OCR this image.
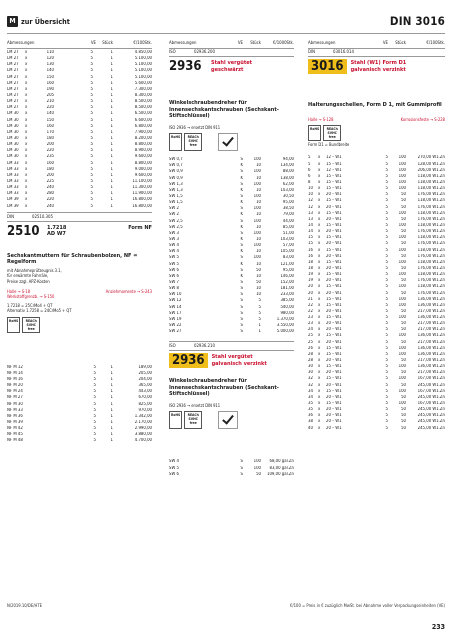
M zur Übersicht	DIN 3016
Abmessungen	VE	Stück	€/100Stk.
LM 27	x	110	5	1	4.850,00
LM 27	x	120	5	1	5.100,00
LM 27	x	130	5	1	5.100,00
LM 27	x	140	5	1	5.100,00
LM 27	x	150	5	1	5.100,00
LM 27	x	160	5	1	5.600,00
LM 27	x	190	5	1	7.300,00
LM 27	x	205	5	1	8.300,00
LM 27	x	210	5	1	8.500,00
LM 27	x	220	5	1	8.500,00
LM 30	x	140	5	1	6.500,00
LM 30	x	150	5	1	6.600,00
LM 30	x	160	5	1	6.800,00
LM 30	x	170	5	1	7.900,00
LM 30	x	180	5	1	8.200,00
LM 30	x	200	5	1	8.800,00
LM 30	x	220	5	1	8.900,00
LM 30	x	235	5	1	9.600,00
LM 33	x	160	5	1	8.800,00
LM 33	x	180	5	1	9.000,00
LM 33	x	200	5	1	9.600,00
LM 33	x	225	5	1	11.100,00
LM 33	x	240	5	1	11.300,00
LM 33	x	280	5	1	11.900,00
LM 39	x	220	5	1	16.800,00
LM 39	x	240	5	1	16.800,00
DIN	02510.305
2510	1.7218	Form NF
AD W7
Sechskantmuttern für Schraubenbolzen, NF = Regelform
mit Abnahmeprüfzeugnis 3.1,
für erwärmte Fahrräle,
Preise zzgl. APZ-Kosten
Halle → S-18	Anziehmomente → S-243
Werkstoffgrenzb. → S-150
1.7218 = 25CrMo4 + QT
Alternativ 1.7258 = 24CrMo5 + QT
RoHS	REACh SVHC free
NF M 12	5	1	189,00
NF M 14	5	1	205,00
NF M 16	5	1	204,00
NF M 20	5	1	365,00
NF M 24	5	1	443,00
NF M 27	5	1	670,00
NF M 30	5	1	825,00
NF M 33	5	1	970,00
NF M 36	5	1	1.342,00
NF M 39	5	1	2.170,00
NF M 42	5	1	2.990,00
NF M 45	5	1	3.880,00
NF M 48	5	1	4.700,00
Abmessungen	VE	Stück	€/1000Stk.
ISO	02936.200
2936	Stahl vergütet geschwärzt
Winkelschraubendreher für Innensechskantschrauben (Sechskant-Stiftschlüssel)
ISO 2936 → ersetzt DIN 911
RoHS	REACh SVHC free
SW 0,7	S	100	94,00
SW 0,7	K	10	134,00
SW 0,9	S	100	88,00
SW 0,9	K	10	138,00
SW 1,3	S	100	62,00
SW 1,3	K	10	103,00
SW 1,5	S	100	30,50
SW 1,5	K	10	95,00
SW 2	S	100	38,50
SW 2	K	10	79,00
SW 2,5	S	100	44,00
SW 2,5	K	10	85,00
SW 3	S	100	51,00
SW 3	K	10	103,00
SW 4	S	100	57,00
SW 4	K	10	105,00
SW 5	S	100	83,00
SW 5	K	10	121,00
SW 6	S	50	95,00
SW 6	K	10	146,00
SW 7	S	50	152,00
SW 8	S	10	181,00
SW 10	S	10	233,00
SW 12	S	5	385,00
SW 14	S	5	540,00
SW 17	S	5	980,00
SW 19	S	5	1.370,00
SW 22	S	1	3.550,00
SW 27	S	1	5.000,00
ISO	02936.210
2936	Stahl vergütet galvanisch verzinkt
Winkelschraubendreher für Innensechskantschrauben (Sechskant-Stiftschlüssel)
ISO 2936 → ersetzt DIN 911
RoHS	REACh SVHC free
SW 4	S	100	68,00 gal.Zn
SW 5	S	100	83,00 gal.Zn
SW 6	S	50	109,00 gal.Zn
Abmessungen	VE	Stück	€/100Stk.
DIN	03016.014
3016	Stahl (W1) Form D1 galvanisch verzinkt
Halterungsschellen, Form D 1, mit Gummiprofil
Halle → S-128	Korrosionsfeste → S-228
RoHS	REACh SVHC free
Form D1 = Bundbreite
5	x	12 – W1	5	100	270,00 W1.Zn
5	x	15 – W1	5	100	128,00 W1.Zn
6	x	12 – W1	5	100	206,00 W1.Zn
6	x	15 – W1	5	100	118,00 W1.Zn
8	x	15 – W1	5	100	118,00 W1.Zn
10	x	15 – W1	5	100	118,00 W1.Zn
10	x	20 – W1	5	50	176,00 W1.Zn
12	x	15 – W1	5	50	118,00 W1.Zn
12	x	20 – W1	5	50	176,00 W1.Zn
13	x	15 – W1	5	100	118,00 W1.Zn
13	x	20 – W1	5	50	176,00 W1.Zn
14	x	15 – W1	5	100	118,00 W1.Zn
14	x	20 – W1	5	50	176,00 W1.Zn
15	x	15 – W1	5	100	118,00 W1.Zn
15	x	20 – W1	5	50	176,00 W1.Zn
16	x	15 – W1	5	100	118,00 W1.Zn
16	x	20 – W1	5	50	176,00 W1.Zn
18	x	15 – W1	5	100	118,00 W1.Zn
18	x	20 – W1	5	50	176,00 W1.Zn
19	x	15 – W1	5	100	118,00 W1.Zn
19	x	20 – W1	5	50	176,00 W1.Zn
20	x	15 – W1	5	100	118,00 W1.Zn
20	x	20 – W1	5	50	176,00 W1.Zn
21	x	15 – W1	5	100	136,00 W1.Zn
22	x	15 – W1	5	100	136,00 W1.Zn
22	x	20 – W1	5	50	217,00 W1.Zn
23	x	15 – W1	5	100	136,00 W1.Zn
23	x	20 – W1	5	50	217,00 W1.Zn
24	x	20 – W1	5	50	217,00 W1.Zn
25	x	15 – W1	5	100	136,00 W1.Zn
25	x	20 – W1	5	50	217,00 W1.Zn
26	x	15 – W1	5	100	136,00 W1.Zn
28	x	15 – W1	5	100	136,00 W1.Zn
28	x	20 – W1	5	50	217,00 W1.Zn
30	x	15 – W1	5	100	136,00 W1.Zn
30	x	20 – W1	5	50	217,00 W1.Zn
32	x	15 – W1	5	100	167,00 W1.Zn
32	x	20 – W1	5	50	245,00 W1.Zn
34	x	15 – W1	5	100	167,00 W1.Zn
34	x	20 – W1	5	50	245,00 W1.Zn
35	x	15 – W1	5	100	167,00 W1.Zn
35	x	20 – W1	5	50	245,00 W1.Zn
36	x	20 – W1	5	50	245,00 W1.Zn
38	x	20 – W1	5	50	245,00 W1.Zn
40	x	20 – W1	5	50	245,00 W1.Zn
N/2019.10/DE/HTE	€/100 = Preis in € zuzüglich MwSt. bei Abnahme voller Verpackungseinheiten (VE)
233
